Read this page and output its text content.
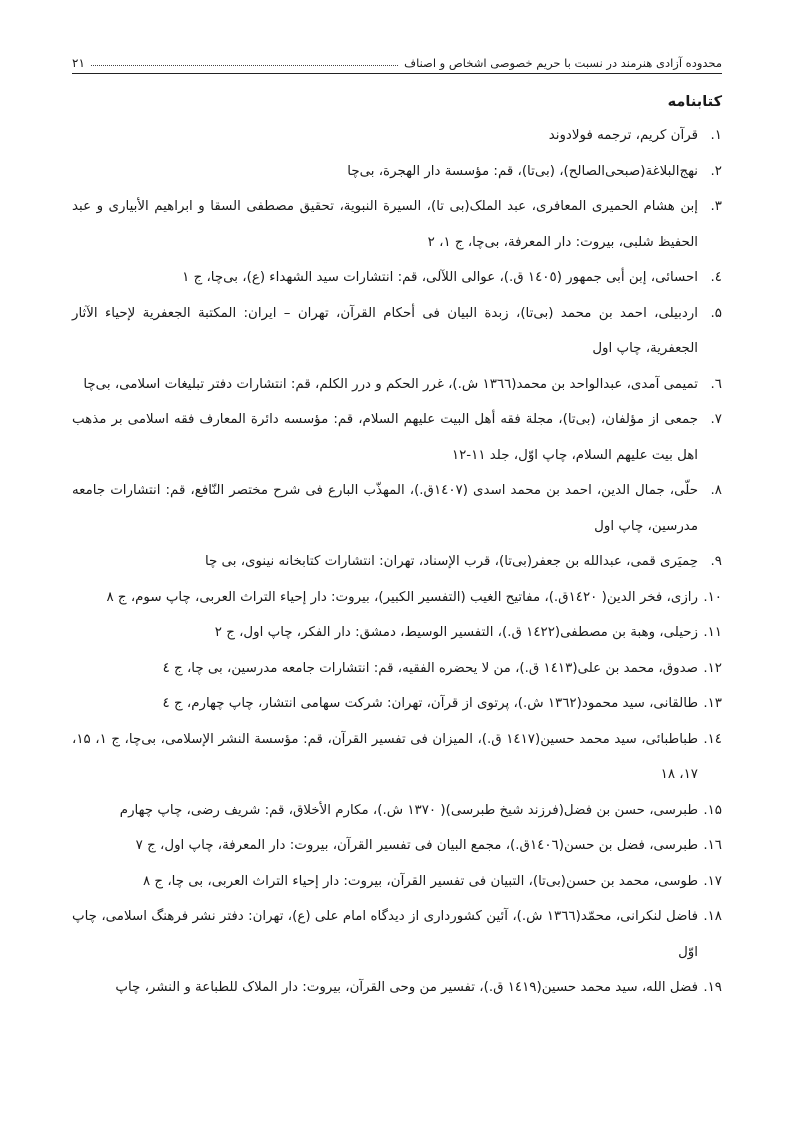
محدوده آزادی هنرمند در نسبت با حریم خصوصی اشخاص و اصناف
۲۱
کتابنامه
۱.
قرآن کریم، ترجمه فولادوند
۲.
نهج‌البلاغة(صبحی‌الصالح)، (بی‌تا)، قم: مؤسسة دار الهجرة، بی‌چا
۳.
إبن هشام الحمیری المعافری، عبد الملک(بی تا)، السیرة النبویة، تحقیق مصطفی السقا و ابراهیم الأبیاری و عبد الحفیظ شلبی، بیروت: دار المعرفة، بی‌چا، ج ۱، ۲
٤.
احسائی، إبن أبی جمهور (١٤٠٥ ق.)، عوالی اللآلی، قم: انتشارات سید الشهداء (ع)، بی‌چا، ج ۱
۵.
اردبیلی، احمد بن محمد (بی‌تا)، زبدة البیان فی أحکام القرآن، تهران – ایران: المکتبة الجعفریة لإحیاء الآثار الجعفریة، چاپ اول
٦.
تمیمی آمدی، عبدالواحد بن محمد(١٣٦٦ ش.)، غرر الحکم و درر الکلم، قم: انتشارات دفتر تبلیغات اسلامی، بی‌چا
۷.
جمعی از مؤلفان، (بی‌تا)، مجلة فقه أهل البیت علیهم السلام، قم: مؤسسه دائرة المعارف فقه اسلامی بر مذهب اهل بیت علیهم السلام، چاپ اوّل، جلد ١١-١٢
۸.
حلّی، جمال الدین، احمد بن محمد اسدی (١٤٠٧ق.)، المهذّب البارع فی شرح مختصر النّافع، قم: انتشارات جامعه مدرسین، چاپ اول
۹.
حِمیَری قمی، عبدالله بن جعفر(بی‌تا)، قرب الإسناد، تهران: انتشارات کتابخانه نینوی، بی چا
۱۰.
رازی، فخر الدین( ١٤٢٠ق.)، مفاتیح الغیب (التفسیر الکبیر)، بیروت: دار إحیاء التراث العربی، چاپ سوم، ج ۸
۱۱.
زحیلی، وهبة بن مصطفی(١٤٢٢ ق.)، التفسیر الوسیط، دمشق: دار الفکر، چاپ اول، ج ۲
۱۲.
صدوق، محمد بن علی(١٤١٣ ق.)، من لا یحضره الفقیه، قم: انتشارات جامعه مدرسین، بی چا، ج ٤
۱۳.
طالقانی، سید محمود(١٣٦٢ ش.)، پرتوی از قرآن، تهران: شرکت سهامی انتشار، چاپ چهارم، ج ٤
١٤.
طباطبائی، سید محمد حسین(١٤١٧ ق.)، المیزان فی تفسیر القرآن، قم: مؤسسة النشر الإسلامی، بی‌چا، ج ۱، ۱۵، ۱۷، ۱۸
۱۵.
طبرسی، حسن بن فضل(فرزند شیخ طبرسی)( ۱۳۷۰ ش.)، مکارم الأخلاق، قم: شریف رضی، چاپ چهارم
١٦.
طبرسی، فضل بن حسن(١٤٠٦ق.)، مجمع البیان فی تفسیر القرآن، بیروت: دار المعرفة، چاپ اول، ج ۷
۱۷.
طوسی، محمد بن حسن(بی‌تا)، التبیان فی تفسیر القرآن، بیروت: دار إحیاء التراث العربی، بی چا، ج ۸
۱۸.
فاضل لنکرانی، محمّد(١٣٦٦ ش.)، آئین کشورداری از دیدگاه امام علی (ع)، تهران: دفتر نشر فرهنگ اسلامی، چاپ اوّل
۱۹.
فضل الله، سید محمد حسین(١٤١٩ ق.)، تفسیر من وحی القرآن، بیروت: دار الملاک للطباعة و النشر، چاپ
